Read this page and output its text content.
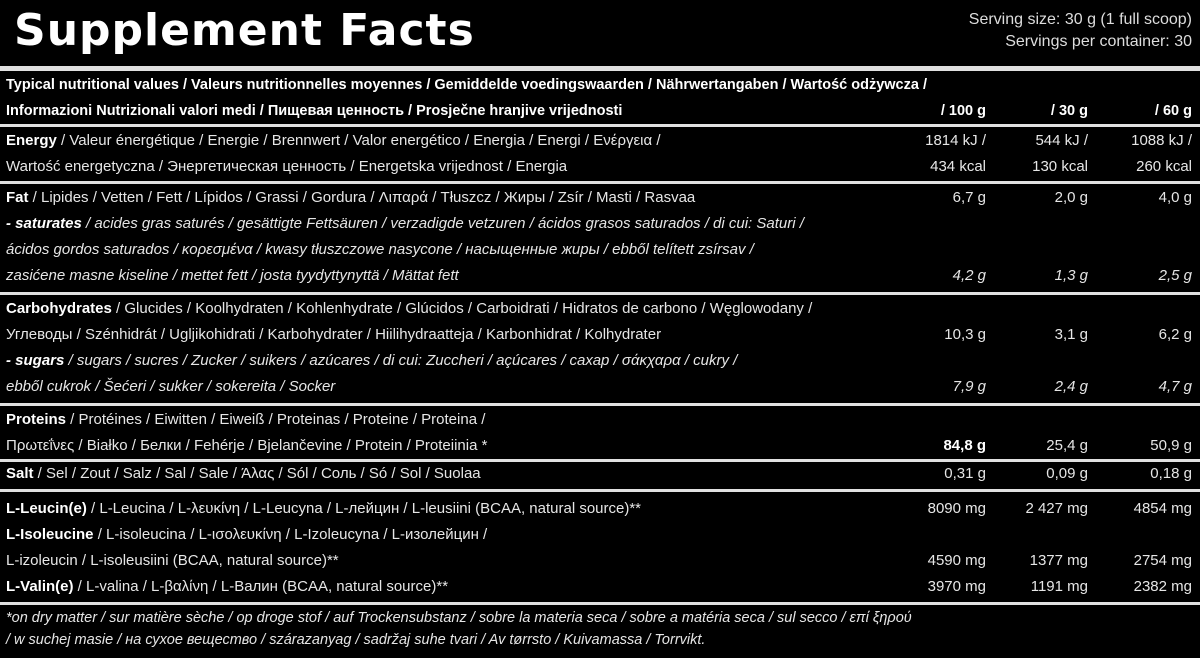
Supplement Facts	Serving size: 30 g (1 full scoop)
Servings per container: 30
Typical nutritional values / Valeurs nutritionnelles moyennes / Gemiddelde voedingswaarden / Nährwertangaben / Wartość odżywcza /
Informazioni Nutrizionali valori medi / Пищевая ценность / Prosječne hranjive vrijednosti	/ 100 g	/ 30 g	/ 60 g
Energy / Valeur énergétique / Energie / Brennwert / Valor energético / Energia / Energi / Ενέργεια /	1814 kJ /	544 kJ /	1088 kJ /
Wartość energetyczna / Энергетическая ценность / Energetska vrijednost / Energia	434 kcal	130 kcal	260 kcal
Fat / Lipides / Vetten / Fett / Lípidos / Grassi / Gordura / Λιπαρά / Tłuszcz / Жиры / Zsír / Masti / Rasvaa	6,7 g	2,0 g	4,0 g
- saturates / acides gras saturés / gesättigte Fettsäuren / verzadigde vetzuren / ácidos grasos saturados / di cui: Saturi /
ácidos gordos saturados / κορεσμένα / kwasy tłuszczowe nasycone / насыщенные жиры / ebből telített zsírsav /
zasićene masne kiseline / mettet fett / josta tyydyttynyttä / Mättat fett	4,2 g	1,3 g	2,5 g
Carbohydrates / Glucides / Koolhydraten / Kohlenhydrate / Glúcidos / Carboidrati / Hidratos de carbono / Węglowodany /
Углеводы / Szénhidrát / Ugljikohidrati / Karbohydrater / Hiilihydraatteja / Karbonhidrat / Kolhydrater	10,3 g	3,1 g	6,2 g
- sugars / sugars / sucres / Zucker / suikers / azúcares / di cui: Zuccheri / açúcares / сахар / σάκχαρα / cukry /
ebből cukrok / Šećeri / sukker / sokereita / Socker	7,9 g	2,4 g	4,7 g
Proteins / Protéines / Eiwitten / Eiweiß / Proteinas / Proteine / Proteina /
Πρωτεΐνες / Białko / Белки / Fehérje / Bjelančevine / Protein / Proteiinia *	84,8 g	25,4 g	50,9 g
Salt / Sel / Zout / Salz / Sal / Sale / Άλας / Sól / Соль / Só / Sol / Suolaa	0,31 g	0,09 g	0,18 g
L-Leucin(e) / L-Leucina / L-λευκίνη / L-Leucyna / L-лейцин / L-leusiini (BCAA, natural source)**	8090 mg	2 427 mg	4854 mg
L-Isoleucine / L-isoleucina / L-ισολευκίνη / L-Izoleucyna / L-изолейцин /
L-izoleucin / L-isoleusiini (BCAA, natural source)**	4590 mg	1377 mg	2754 mg
L-Valin(e) / L-valina / L-βαλίνη / L-Валин (BCAA, natural source)**	3970 mg	1191 mg	2382 mg
*on dry matter / sur matière sèche / op droge stof / auf Trockensubstanz / sobre la materia seca / sobre a matéria seca / sul secco / επί ξηρού
/ w suchej masie / на сухое вещество / szárazanyag / sadržaj suhe tvari / Av tørrsto / Kuivamassa / Torrvikt.
